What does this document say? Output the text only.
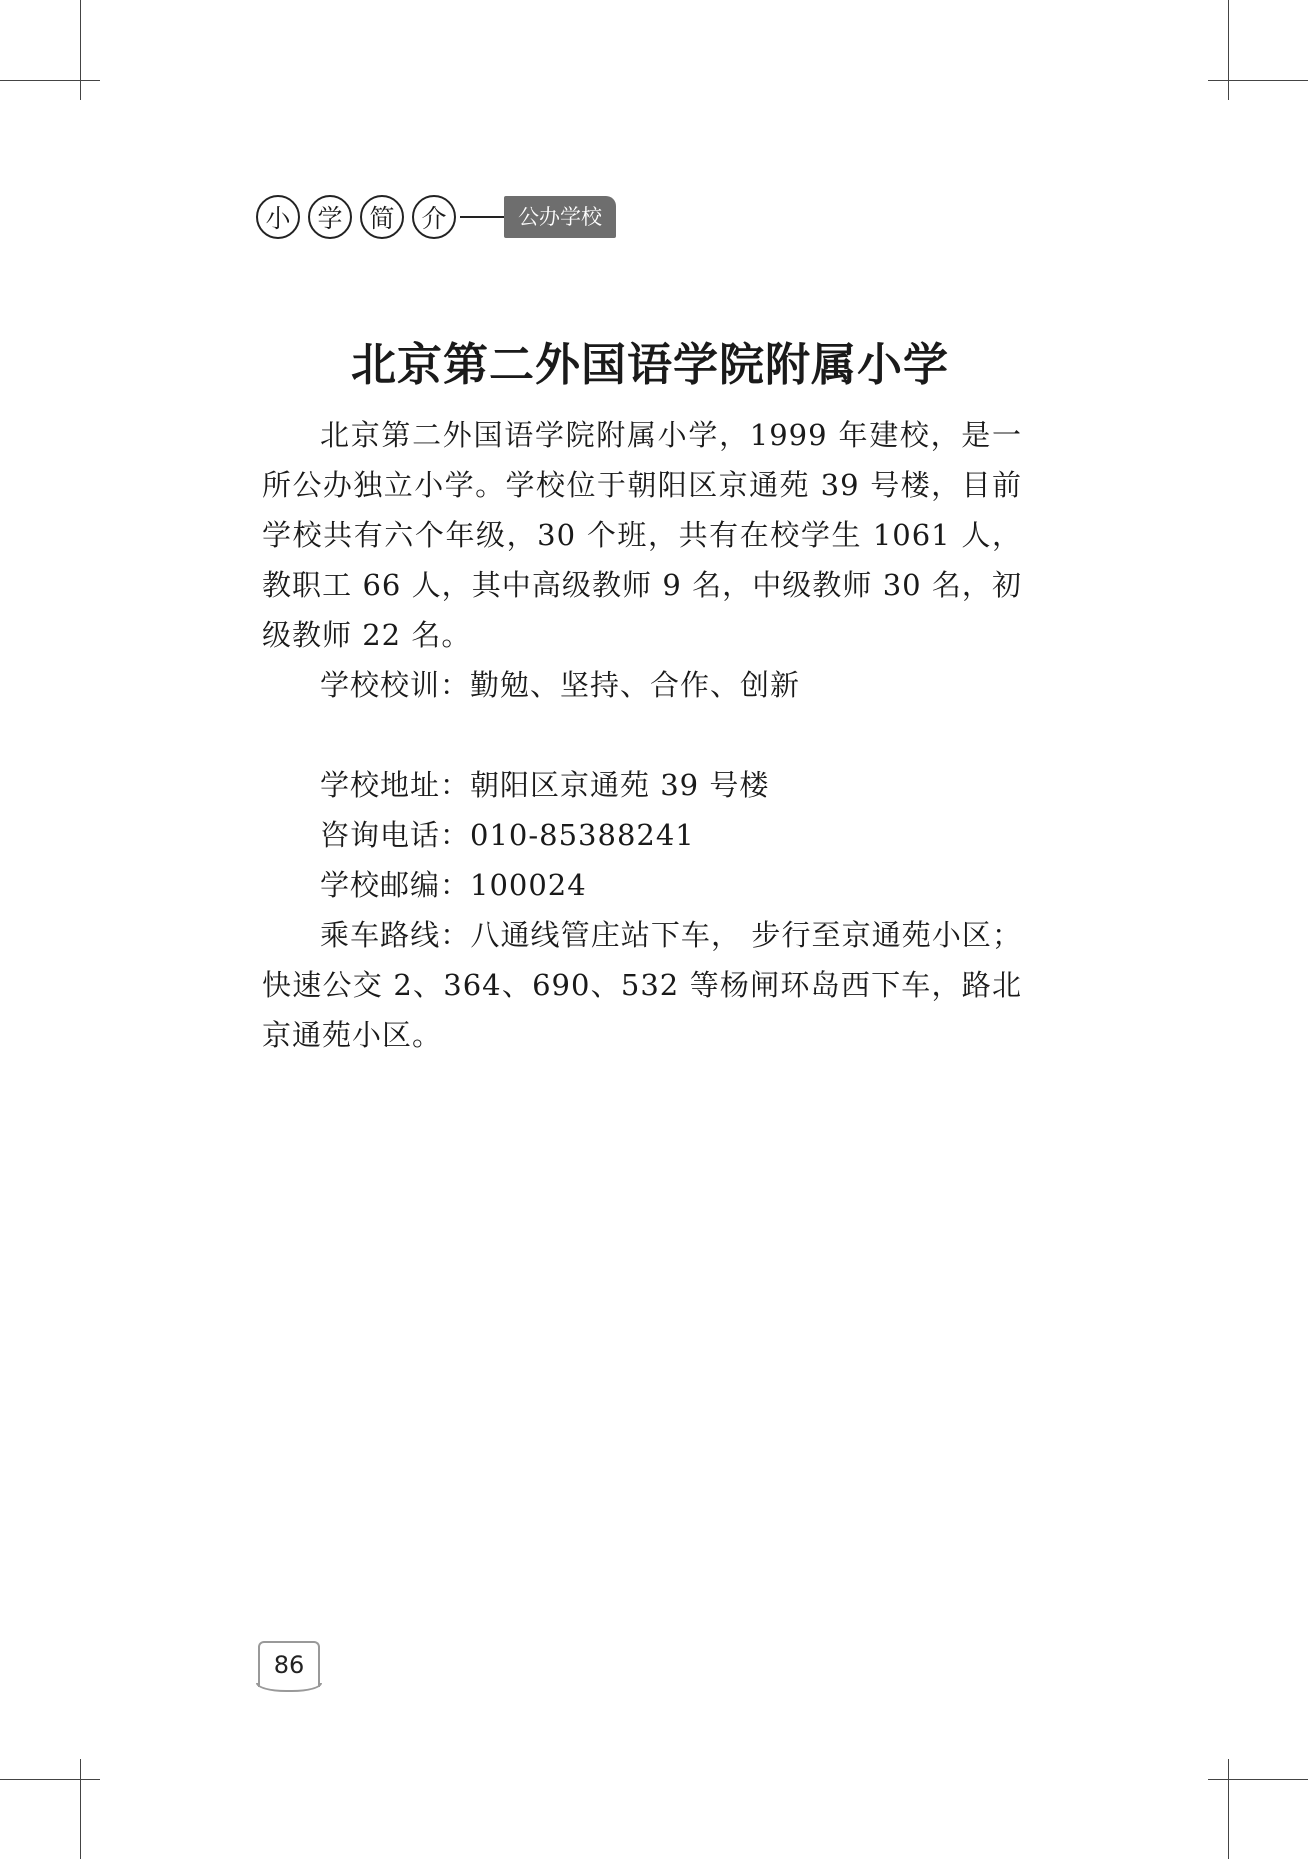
小	学	简	介	公办学校
北京第二外国语学院附属小学

北京第二外国语学院附属小学，1999 年建校，是一所公办独立小学。学校位于朝阳区京通苑 39 号楼，目前学校共有六个年级，30 个班，共有在校学生 1061 人，教职工 66 人，其中高级教师 9 名，中级教师 30 名，初级教师 22 名。

学校校训：勤勉、坚持、合作、创新

学校地址：朝阳区京通苑 39 号楼

咨询电话：010-85388241

学校邮编：100024

乘车路线：八通线管庄站下车， 步行至京通苑小区；快速公交 2、364、690、532 等杨闸环岛西下车，路北京通苑小区。

86
